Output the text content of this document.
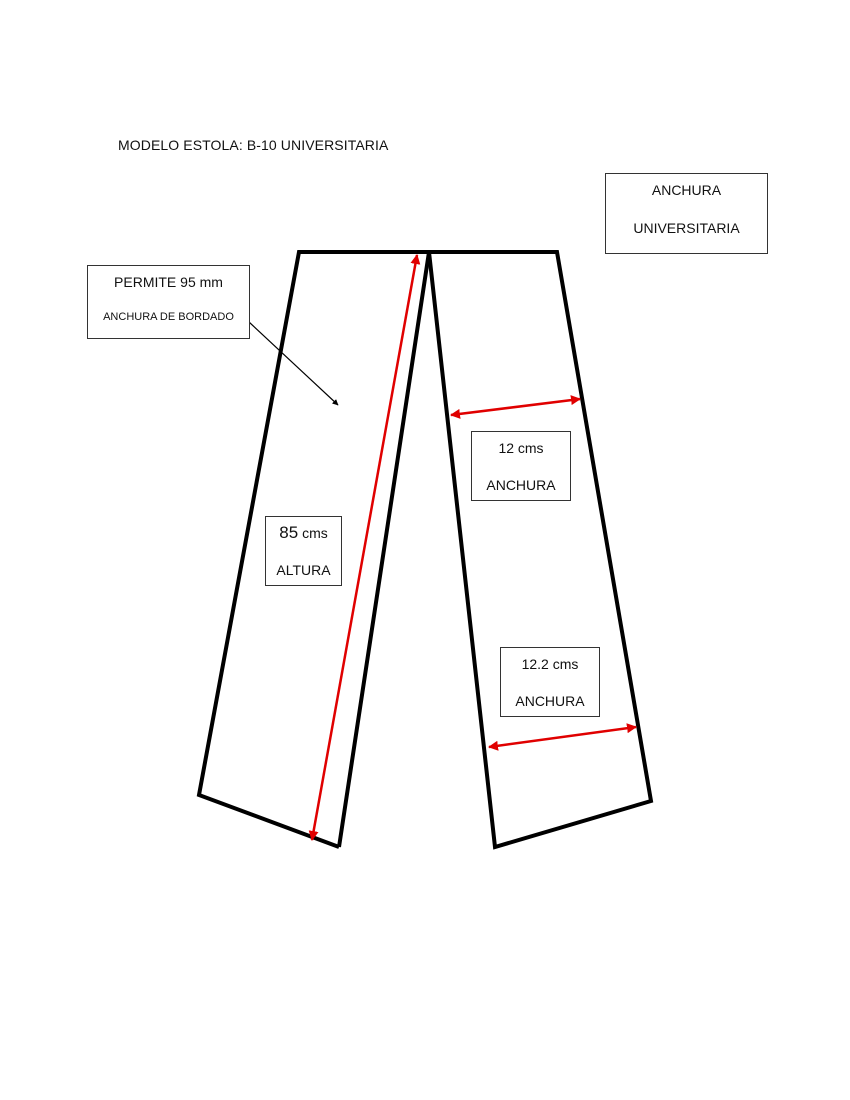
MODELO ESTOLA: B-10 UNIVERSITARIA
ANCHURA
UNIVERSITARIA
PERMITE 95 mm
ANCHURA DE BORDADO
12 cms
ANCHURA
85 cms
ALTURA
12.2 cms
ANCHURA
